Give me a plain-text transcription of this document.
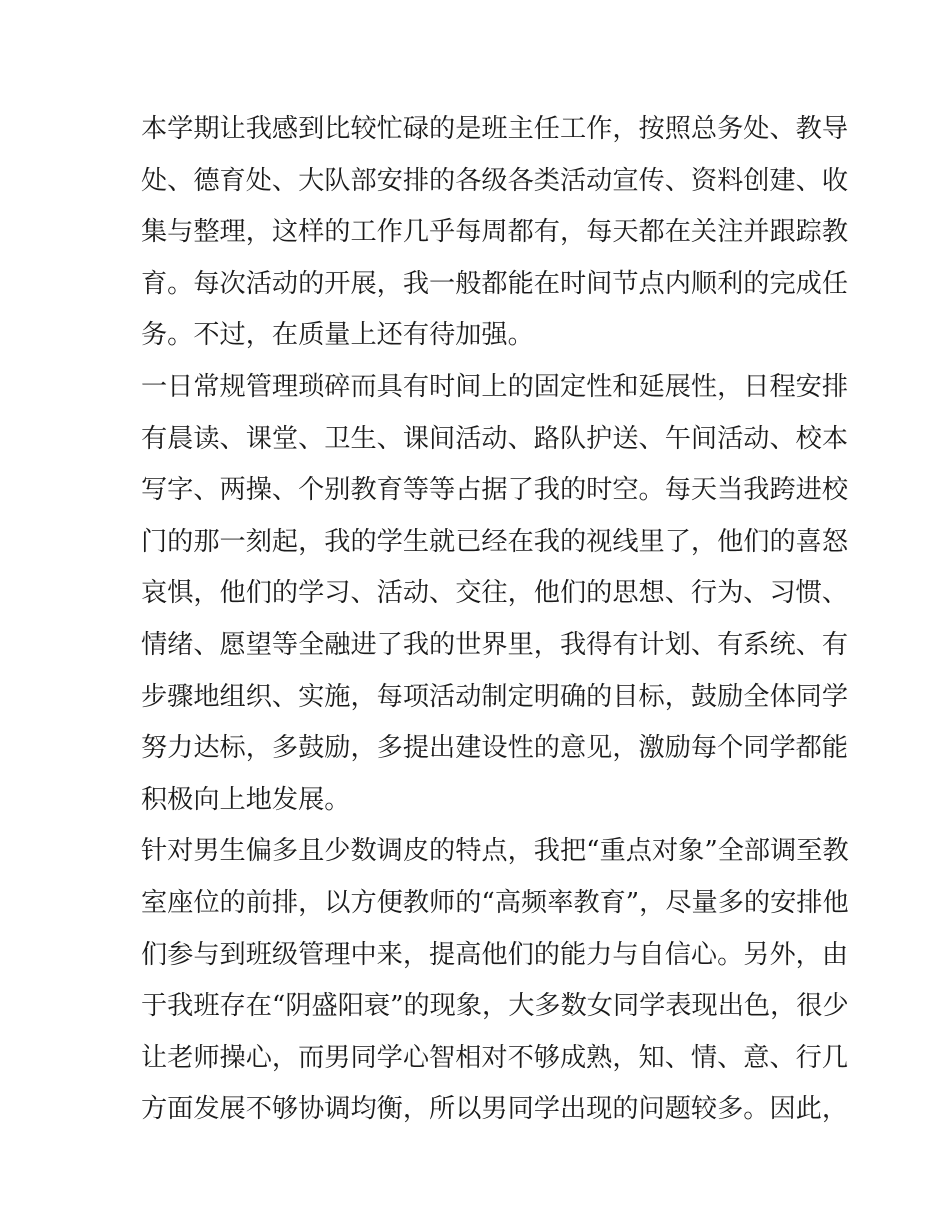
本学期让我感到比较忙碌的是班主任工作，按照总务处、教导
处、德育处、大队部安排的各级各类活动宣传、资料创建、收
集与整理，这样的工作几乎每周都有，每天都在关注并跟踪教
育。每次活动的开展，我一般都能在时间节点内顺利的完成任
务。不过，在质量上还有待加强。
一日常规管理琐碎而具有时间上的固定性和延展性，日程安排
有晨读、课堂、卫生、课间活动、路队护送、午间活动、校本
写字、两操、个别教育等等占据了我的时空。每天当我跨进校
门的那一刻起，我的学生就已经在我的视线里了，他们的喜怒
哀惧，他们的学习、活动、交往，他们的思想、行为、习惯、
情绪、愿望等全融进了我的世界里，我得有计划、有系统、有
步骤地组织、实施，每项活动制定明确的目标，鼓励全体同学
努力达标，多鼓励，多提出建设性的意见，激励每个同学都能
积极向上地发展。
针对男生偏多且少数调皮的特点，我把“重点对象”全部调至教
室座位的前排，以方便教师的“高频率教育”，尽量多的安排他
们参与到班级管理中来，提高他们的能力与自信心。另外，由
于我班存在“阴盛阳衰”的现象，大多数女同学表现出色，很少
让老师操心，而男同学心智相对不够成熟，知、情、意、行几
方面发展不够协调均衡，所以男同学出现的问题较多。因此，
